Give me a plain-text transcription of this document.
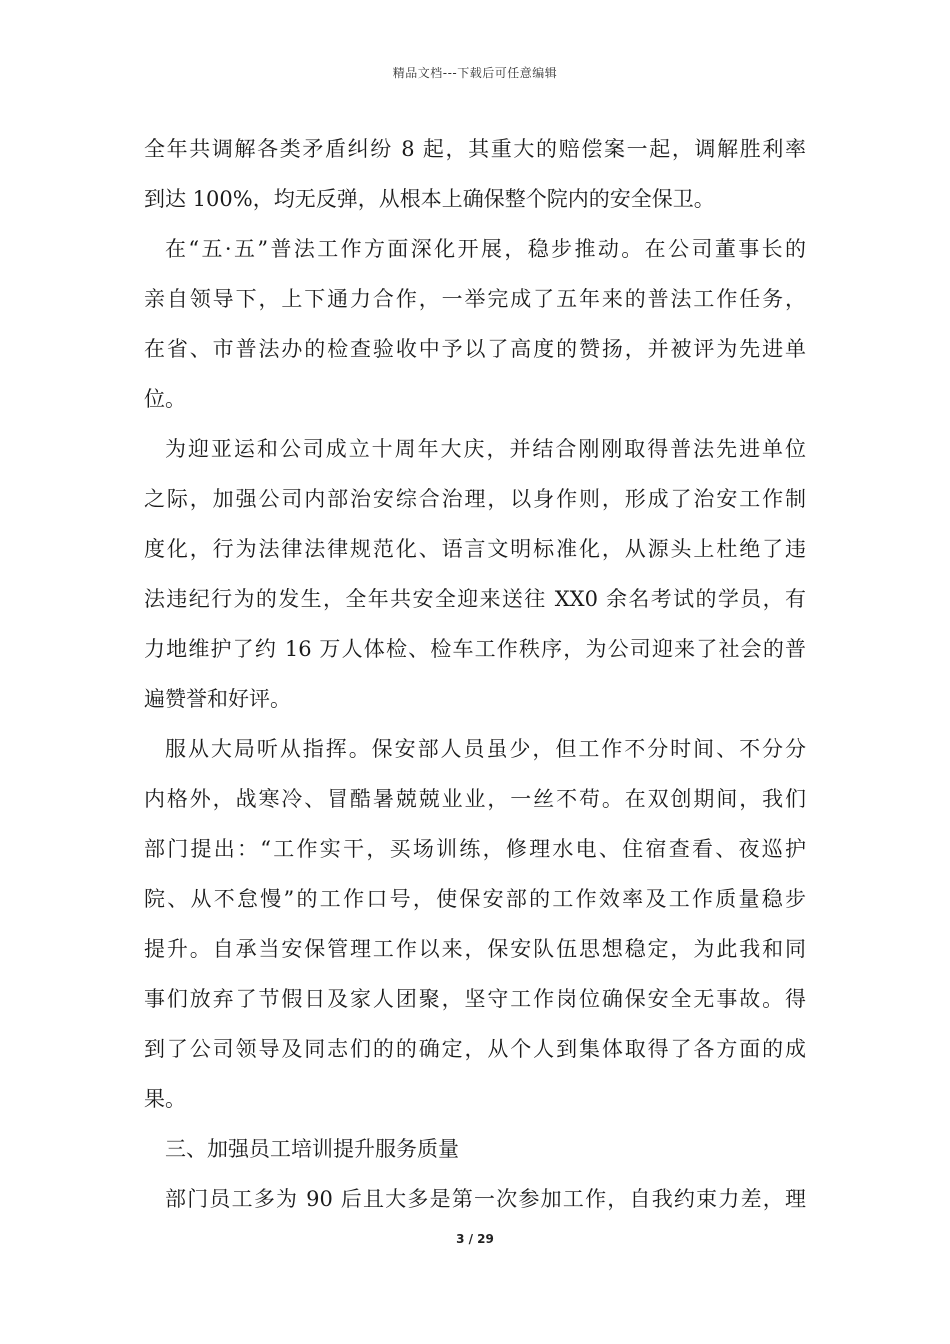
精品文档---下载后可任意编辑
全年共调解各类矛盾纠纷 8 起，其重大的赔偿案一起，调解胜利率
到达 100%，均无反弹，从根本上确保整个院内的安全保卫。
在“五·五”普法工作方面深化开展，稳步推动。在公司董事长的
亲自领导下，上下通力合作，一举完成了五年来的普法工作任务，
在省、市普法办的检查验收中予以了高度的赞扬，并被评为先进单
位。
为迎亚运和公司成立十周年大庆，并结合刚刚取得普法先进单位
之际，加强公司内部治安综合治理，以身作则，形成了治安工作制
度化，行为法律法律规范化、语言文明标准化，从源头上杜绝了违
法违纪行为的发生，全年共安全迎来送往 XX0 余名考试的学员，有
力地维护了约 16 万人体检、检车工作秩序，为公司迎来了社会的普
遍赞誉和好评。
服从大局听从指挥。保安部人员虽少，但工作不分时间、不分分
内格外，战寒冷、冒酷暑兢兢业业，一丝不苟。在双创期间，我们
部门提出：“工作实干，买场训练，修理水电、住宿查看、夜巡护
院、从不怠慢”的工作口号，使保安部的工作效率及工作质量稳步
提升。自承当安保管理工作以来，保安队伍思想稳定，为此我和同
事们放弃了节假日及家人团聚，坚守工作岗位确保安全无事故。得
到了公司领导及同志们的的确定，从个人到集体取得了各方面的成
果。
三、加强员工培训提升服务质量
部门员工多为 90 后且大多是第一次参加工作，自我约束力差，理
3 / 29
